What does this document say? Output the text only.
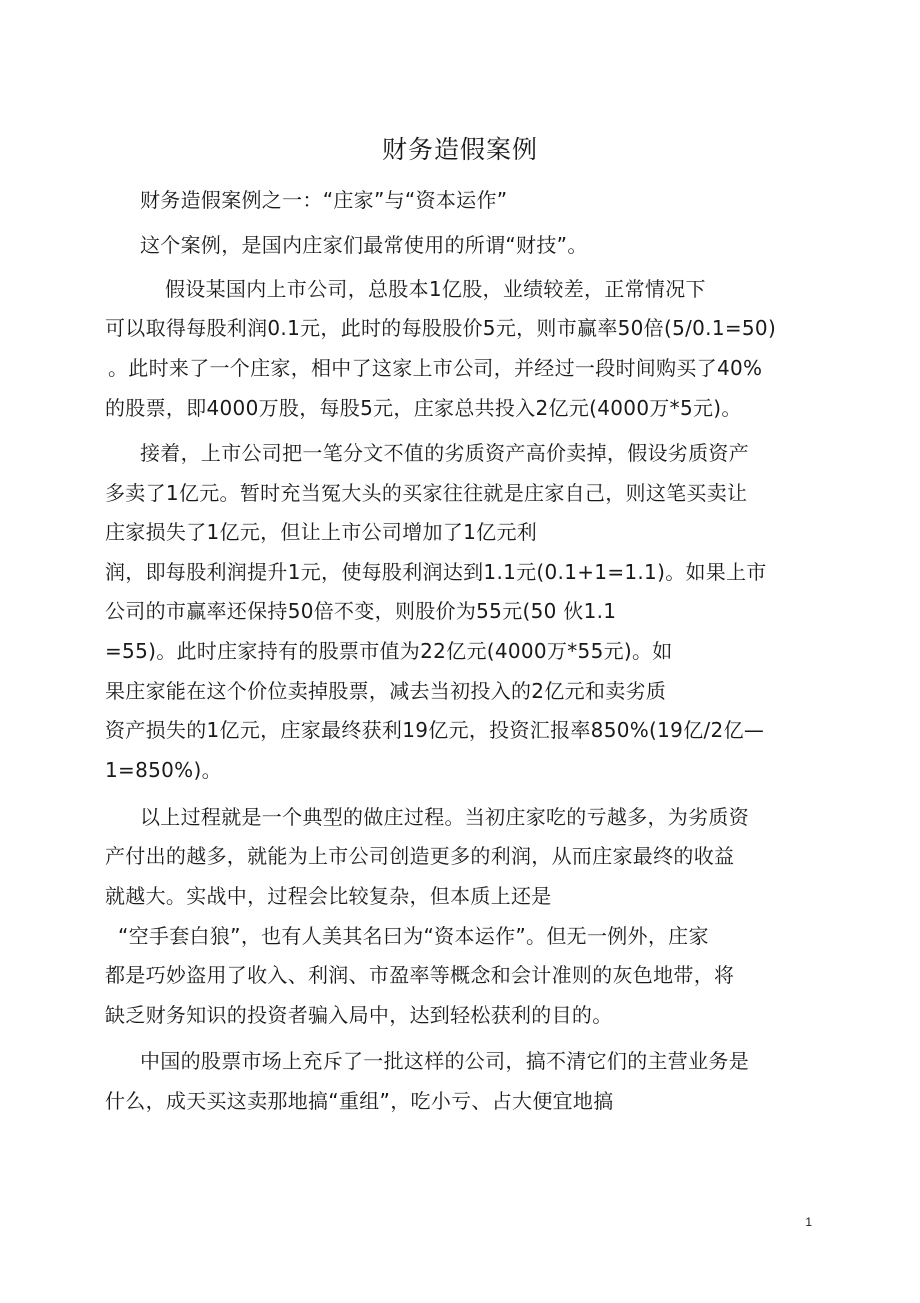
财务造假案例
财务造假案例之一：“庄家”与“资本运作”
这个案例，是国内庄家们最常使用的所谓“财技”。
假设某国内上市公司，总股本1亿股，业绩较差，正常情况下
可以取得每股利润0.1元，此时的每股股价5元，则市赢率50倍(5/0.1=50)
。此时来了一个庄家，相中了这家上市公司，并经过一段时间购买了40%
的股票，即4000万股，每股5元，庄家总共投入2亿元(4000万*5元)。
接着，上市公司把一笔分文不值的劣质资产高价卖掉，假设劣质资产
多卖了1亿元。暂时充当冤大头的买家往往就是庄家自己，则这笔买卖让
庄家损失了1亿元，但让上市公司增加了1亿元利
润，即每股利润提升1元，使每股利润达到1.1元(0.1+1=1.1)。如果上市
公司的市赢率还保持50倍不变，则股价为55元(50 伙1.1
=55)。此时庄家持有的股票市值为22亿元(4000万*55元)。如
果庄家能在这个价位卖掉股票，减去当初投入的2亿元和卖劣质
资产损失的1亿元，庄家最终获利19亿元，投资汇报率850%(19亿/2亿—
1=850%)。
以上过程就是一个典型的做庄过程。当初庄家吃的亏越多，为劣质资
产付出的越多，就能为上市公司创造更多的利润，从而庄家最终的收益
就越大。实战中，过程会比较复杂，但本质上还是
“空手套白狼”，也有人美其名曰为“资本运作”。但无一例外，庄家
都是巧妙盗用了收入、利润、市盈率等概念和会计准则的灰色地带，将
缺乏财务知识的投资者骗入局中，达到轻松获利的目的。
中国的股票市场上充斥了一批这样的公司，搞不清它们的主营业务是
什么，成天买这卖那地搞“重组”，吃小亏、占大便宜地搞
1
